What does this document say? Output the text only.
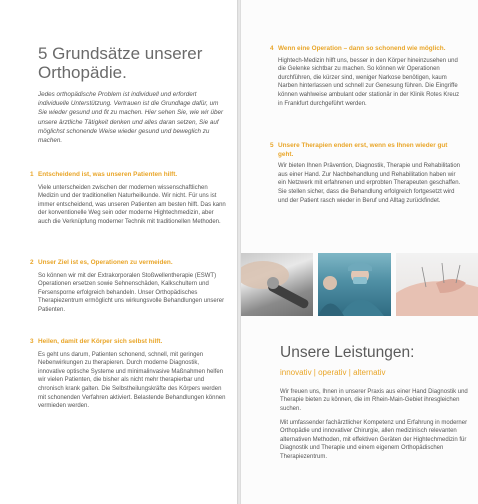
5 Grundsätze unserer Orthopädie.
Jedes orthopädische Problem ist individuell und erfordert individuelle Unterstützung. Vertrauen ist die Grundlage dafür, um Sie wieder gesund und fit zu machen. Hier sehen Sie, wie wir über unsere ärztliche Tätigkeit denken und alles daran setzen, Sie auf möglichst schonende Weise wieder gesund und beweglich zu machen.
1 Entscheidend ist, was unseren Patienten hilft.
Viele unterscheiden zwischen der modernen wissenschaftlichen Medizin und der traditionellen Naturheilkunde. Wir nicht. Für uns ist immer entscheidend, was unseren Patienten am besten hilft. Das kann der konventionelle Weg sein oder moderne Hightechmedizin, aber auch die Verknüpfung moderner Technik mit traditionellen Methoden.
2 Unser Ziel ist es, Operationen zu vermeiden.
So können wir mit der Extrakorporalen Stoßwellentherapie (ESWT) Operationen ersetzen sowie Sehnenschäden, Kalkschultern und Fersensporne erfolgreich behandeln. Unser Orthopädisches Therapiezentrum ermöglicht uns wirkungsvolle Behandlungen unserer Patienten.
3 Heilen, damit der Körper sich selbst hilft.
Es geht uns darum, Patienten schonend, schnell, mit geringen Nebenwirkungen zu therapieren. Durch moderne Diagnostik, innovative optische Systeme und minimalinvasive Maßnahmen helfen wir vielen Patienten, die bisher als nicht mehr therapierbar und chronisch krank galten. Die Selbstheilungskräfte des Körpers werden mit schonenden Verfahren aktiviert. Belastende Behandlungen können vermieden werden.
4 Wenn eine Operation – dann so schonend wie möglich.
Hightech-Medizin hilft uns, besser in den Körper hineinzusehen und die Gelenke sichtbar zu machen. So können wir Operationen durchführen, die kürzer sind, weniger Narkose benötigen, kaum Narben hinterlassen und schnell zur Genesung führen. Die Eingriffe können wahlweise ambulant oder stationär in der Klinik Rotes Kreuz in Frankfurt durchgeführt werden.
5 Unsere Therapien enden erst, wenn es Ihnen wieder gut geht.
Wir bieten Ihnen Prävention, Diagnostik, Therapie und Rehabilitation aus einer Hand. Zur Nachbehandlung und Rehabilitation haben wir ein Netzwerk mit erfahrenen und erprobten Therapeuten geschaffen. Sie stellen sicher, dass die Behandlung erfolgreich fortgesetzt wird und der Patient rasch wieder in Beruf und Alltag zurückfindet.
Unsere Leistungen:
innovativ | operativ | alternativ
Wir freuen uns, Ihnen in unserer Praxis aus einer Hand Diagnostik und Therapie bieten zu können, die im Rhein-Main-Gebiet ihresgleichen suchen.
Mit umfassender fachärztlicher Kompetenz und Erfahrung in moderner Orthopädie und innovativer Chirurgie, allen medizinisch relevanten alternativen Methoden, mit effektiven Geräten der Hightechmedizin für Diagnostik und Therapie und einem eigenem Orthopädischen Therapiezentrum.
